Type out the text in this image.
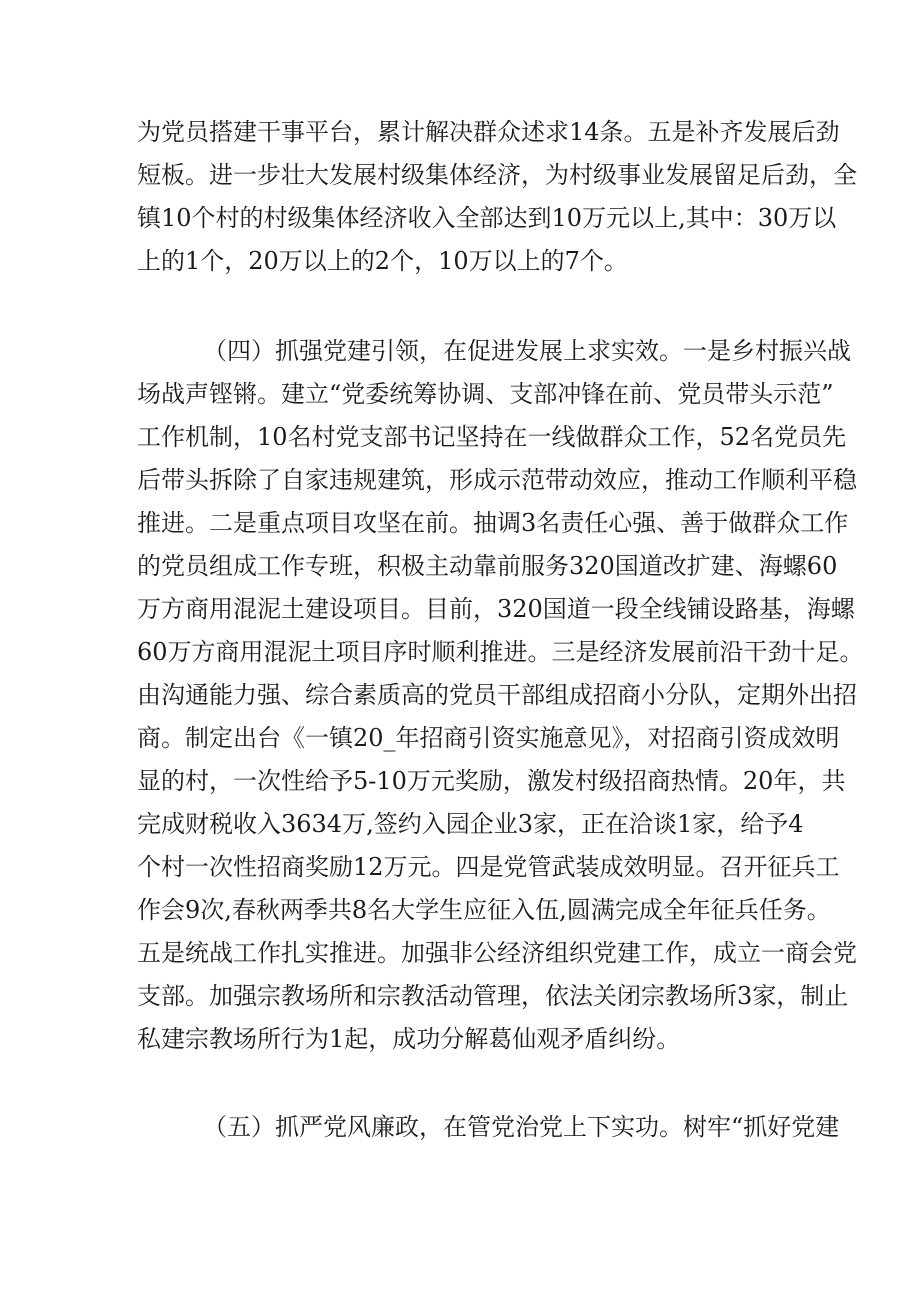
为党员搭建干事平台，累计解决群众述求14条。五是补齐发展后劲
短板。进一步壮大发展村级集体经济，为村级事业发展留足后劲，全
镇10个村的村级集体经济收入全部达到10万元以上,其中：30万以
上的1个，20万以上的2个，10万以上的7个。
（四）抓强党建引领，在促进发展上求实效。一是乡村振兴战
场战声铿锵。建立“党委统筹协调、支部冲锋在前、党员带头示范”
工作机制，10名村党支部书记坚持在一线做群众工作，52名党员先
后带头拆除了自家违规建筑，形成示范带动效应，推动工作顺利平稳
推进。二是重点项目攻坚在前。抽调3名责任心强、善于做群众工作
的党员组成工作专班，积极主动靠前服务320国道改扩建、海螺60
万方商用混泥土建设项目。目前，320国道一段全线铺设路基，海螺
60万方商用混泥土项目序时顺利推进。三是经济发展前沿干劲十足。
由沟通能力强、综合素质高的党员干部组成招商小分队，定期外出招
商。制定出台《一镇20_年招商引资实施意见》，对招商引资成效明
显的村，一次性给予5-10万元奖励，激发村级招商热情。20年，共
完成财税收入3634万,签约入园企业3家，正在洽谈1家，给予4
个村一次性招商奖励12万元。四是党管武装成效明显。召开征兵工
作会9次,春秋两季共8名大学生应征入伍,圆满完成全年征兵任务。
五是统战工作扎实推进。加强非公经济组织党建工作，成立一商会党
支部。加强宗教场所和宗教活动管理，依法关闭宗教场所3家，制止
私建宗教场所行为1起，成功分解葛仙观矛盾纠纷。
（五）抓严党风廉政，在管党治党上下实功。树牢“抓好党建
